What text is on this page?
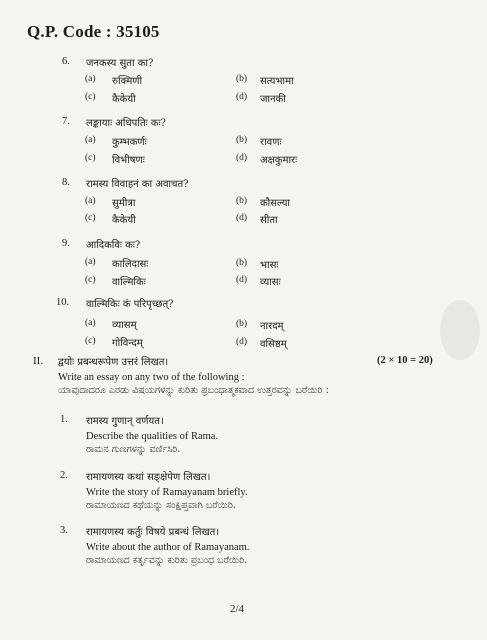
Q.P. Code : 35105
6. जनकस्य सुता का?
(a) रुक्मिणी	(b) सत्यभामा
(c) कैकेयी	(d) जानकी
7. लङ्कायाः अधिपतिः कः?
(a) कुम्भकर्णः	(b) रावणः
(c) विभीषणः	(d) अक्षकुमारः
8. रामस्य विवाहनं का अवाचत?
(a) सुमीत्रा	(b) कौसल्या
(c) कैकेयी	(d) सीता
9. आदिकविः कः?
(a) कालिदासः	(b) भासः
(c) वाल्मिकिः	(d) व्यासः
10. वाल्मिकिः कं परिपृच्छत्?
(a) व्यासम्	(b) नारदम्
(c) गोविन्दम्	(d) वसिष्ठम्
II. द्वयोः प्रबन्धरूपेण उत्तरं लिखत।	(2 × 10 = 20)
Write an essay on any two of the following :
ಯಾವುದಾದರೂ ಎರಡು ವಿಷಯಗಳನ್ನು ಕುರಿತು ಪ್ರಬಂಧಾತ್ಮಕವಾದ ಉತ್ತರವನ್ನು ಬರೆಯಿರಿ :
1. रामस्य गुणान् वर्णयत।
Describe the qualities of Rama.
ರಾಮನ ಗುಣಗಳನ್ನು ವರ್ಣಿಸಿರಿ.
2. रामायणस्य कथां सङ्क्षेपेण लिखत।
Write the story of Ramayanam briefly.
ರಾಮಾಯಣದ ಕಥೆಯನ್ನು ಸಂಕ್ಷಿಪ್ತವಾಗಿ ಬರೆಯಿರಿ.
3. रामायणस्य कर्तुः विषये प्रबन्धं लिखत।
Write about the author of Ramayanam.
ರಾಮಾಯಣದ ಕರ್ತೃವನ್ನು ಕುರಿತು ಪ್ರಬಂಧ ಬರೆಯಿರಿ.
2/4
